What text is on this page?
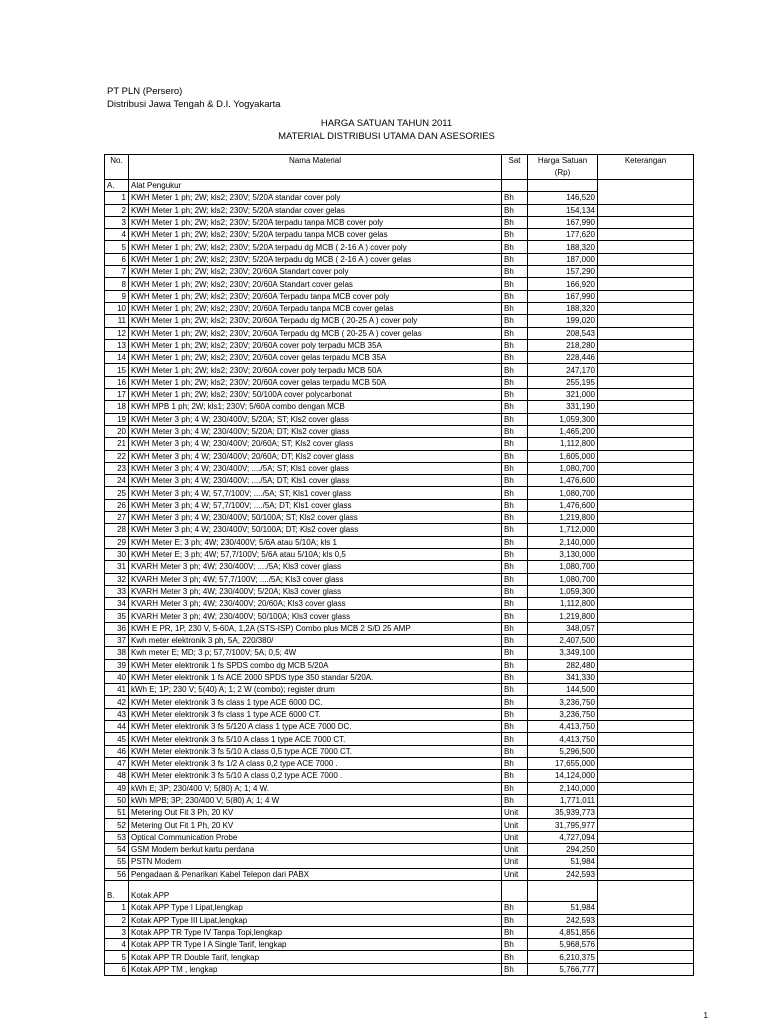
PT PLN (Persero)
Distribusi Jawa Tengah & D.I. Yogyakarta
HARGA SATUAN TAHUN 2011
MATERIAL DISTRIBUSI UTAMA DAN ASESORIES
No.	Nama Material	Sat	Harga Satuan	Keterangan
			(Rp)	
A.	Alat Pengukur			
1	KWH Meter 1 ph; 2W; kls2; 230V; 5/20A standar cover poly	Bh	146,520	
2	KWH Meter 1 ph; 2W; kls2; 230V; 5/20A standar cover gelas	Bh	154,134	
3	KWH Meter 1 ph; 2W; kls2; 230V; 5/20A terpadu tanpa MCB cover poly	Bh	167,990	
4	KWH Meter 1 ph; 2W; kls2; 230V; 5/20A terpadu tanpa MCB cover gelas	Bh	177,620	
5	KWH Meter 1 ph; 2W; kls2; 230V; 5/20A terpadu dg MCB ( 2-16 A ) cover poly	Bh	188,320	
6	KWH Meter 1 ph; 2W; kls2; 230V; 5/20A terpadu dg MCB ( 2-16 A ) cover gelas	Bh	187,000	
7	KWH Meter 1 ph; 2W; kls2; 230V; 20/60A Standart cover poly	Bh	157,290	
8	KWH Meter 1 ph; 2W; kls2; 230V; 20/60A Standart cover gelas	Bh	166,920	
9	KWH Meter 1 ph; 2W; kls2; 230V; 20/60A Terpadu tanpa MCB cover poly	Bh	167,990	
10	KWH Meter 1 ph; 2W; kls2; 230V; 20/60A Terpadu tanpa MCB cover gelas	Bh	188,320	
11	KWH Meter 1 ph; 2W; kls2; 230V; 20/60A Terpadu dg MCB ( 20-25 A ) cover poly	Bh	199,020	
12	KWH Meter 1 ph; 2W; kls2; 230V; 20/60A Terpadu dg MCB ( 20-25 A ) cover gelas	Bh	208,543	
13	KWH Meter 1 ph; 2W; kls2; 230V; 20/60A cover poly terpadu MCB 35A	Bh	218,280	
14	KWH Meter 1 ph; 2W; kls2; 230V; 20/60A cover gelas terpadu MCB 35A	Bh	228,446	
15	KWH Meter 1 ph; 2W; kls2; 230V; 20/60A cover poly terpadu MCB 50A	Bh	247,170	
16	KWH Meter 1 ph; 2W; kls2; 230V; 20/60A cover gelas terpadu MCB 50A	Bh	255,195	
17	KWH Meter 1 ph; 2W; kls2; 230V; 50/100A cover polycarbonat	Bh	321,000	
18	KWH MPB 1 ph; 2W; kls1; 230V; 5/60A combo dengan MCB	Bh	331,190	
19	KWH Meter 3 ph; 4 W; 230/400V; 5/20A; ST; Kls2 cover glass	Bh	1,059,300	
20	KWH Meter 3 ph; 4 W; 230/400V; 5/20A; DT; Kls2 cover glass	Bh	1,465,200	
21	KWH Meter 3 ph; 4 W; 230/400V; 20/60A; ST; Kls2 cover glass	Bh	1,112,800	
22	KWH Meter 3 ph; 4 W; 230/400V; 20/60A; DT; Kls2 cover glass	Bh	1,605,000	
23	KWH Meter 3 ph; 4 W; 230/400V; ..../5A; ST; Kls1 cover glass	Bh	1,080,700	
24	KWH Meter 3 ph; 4 W; 230/400V; ..../5A; DT; Kls1 cover glass	Bh	1,476,600	
25	KWH Meter 3 ph; 4 W; 57,7/100V; ..../5A; ST; Kls1 cover glass	Bh	1,080,700	
26	KWH Meter 3 ph; 4 W; 57,7/100V; ..../5A; DT; Kls1 cover glass	Bh	1,476,600	
27	KWH Meter 3 ph; 4 W; 230/400V; 50/100A; ST; Kls2 cover glass	Bh	1,219,800	
28	KWH Meter 3 ph; 4 W; 230/400V; 50/100A; DT; Kls2 cover glass	Bh	1,712,000	
29	KWH Meter E; 3 ph; 4W; 230/400V; 5/6A atau 5/10A; kls 1	Bh	2,140,000	
30	KWH Meter E; 3 ph; 4W; 57,7/100V; 5/6A atau 5/10A; kls 0,5	Bh	3,130,000	
31	KVARH Meter 3 ph; 4W; 230/400V; ..../5A; Kls3 cover glass	Bh	1,080,700	
32	KVARH Meter 3 ph; 4W; 57,7/100V; ..../5A; Kls3 cover glass	Bh	1,080,700	
33	KVARH Meter 3 ph; 4W; 230/400V; 5/20A; Kls3 cover glass	Bh	1,059,300	
34	KVARH Meter 3 ph; 4W; 230/400V; 20/60A; Kls3 cover glass	Bh	1,112,800	
35	KVARH Meter 3 ph; 4W; 230/400V; 50/100A; Kls3 cover glass	Bh	1,219,800	
36	KWH E PR, 1P, 230 V, 5-60A, 1,2A (STS-ISP) Combo plus MCB 2 S/D 25 AMP	Bh	348,057	
37	Kwh meter elektronik 3 ph, 5A, 220/380/	Bh	2,407,500	
38	Kwh meter E; MD; 3 p; 57,7/100V; 5A; 0,5; 4W	Bh	3,349,100	
39	KWH Meter elektronik 1 fs SPDS combo dg MCB 5/20A	Bh	282,480	
40	KWH Meter elektronik 1 fs ACE 2000 SPDS type 350 standar 5/20A.	Bh	341,330	
41	kWh E; 1P; 230 V; 5(40) A; 1; 2 W (combo); register drum	Bh	144,500	
42	KWH Meter elektronik 3 fs class 1 type ACE 6000 DC.	Bh	3,236,750	
43	KWH Meter elektronik 3 fs class 1 type ACE 6000 CT.	Bh	3,236,750	
44	KWH Meter elektronik 3 fs 5/120 A class 1 type ACE 7000 DC.	Bh	4,413,750	
45	KWH Meter elektronik 3 fs 5/10 A class 1 type ACE 7000 CT.	Bh	4,413,750	
46	KWH Meter elektronik 3 fs 5/10 A class 0,5 type ACE 7000 CT.	Bh	5,296,500	
47	KWH Meter elektronik 3 fs 1/2 A class 0,2 type ACE 7000 .	Bh	17,655,000	
48	KWH Meter elektronik 3 fs 5/10 A class 0,2 type ACE 7000 .	Bh	14,124,000	
49	kWh E; 3P; 230/400 V; 5(80) A; 1; 4 W.	Bh	2,140,000	
50	kWh MPB; 3P; 230/400 V; 5(80) A; 1; 4 W	Bh	1,771,011	
51	Metering Out Fit 3 Ph, 20 KV	Unit	35,939,773	
52	Metering Out Fit 1 Ph, 20 KV	Unit	31,795,977	
53	Optical Communication Probe	Unit	4,727,094	
54	GSM Modem berkut kartu perdana	Unit	294,250	
55	PSTN Modem	Unit	51,984	
56	Pengadaan & Penarikan Kabel Telepon dari PABX	Unit	242,593	

B.	Kotak APP			
1	Kotak APP Type I Lipat,lengkap	Bh	51,984	
2	Kotak APP Type III Lipat,lengkap	Bh	242,593	
3	Kotak APP TR Type IV Tanpa Topi,lengkap	Bh	4,851,856	
4	Kotak APP TR Type I A Single Tarif, lengkap	Bh	5,968,576	
5	Kotak APP TR Double Tarif, lengkap	Bh	6,210,375	
6	Kotak APP TM , lengkap	Bh	5,766,777	
1
